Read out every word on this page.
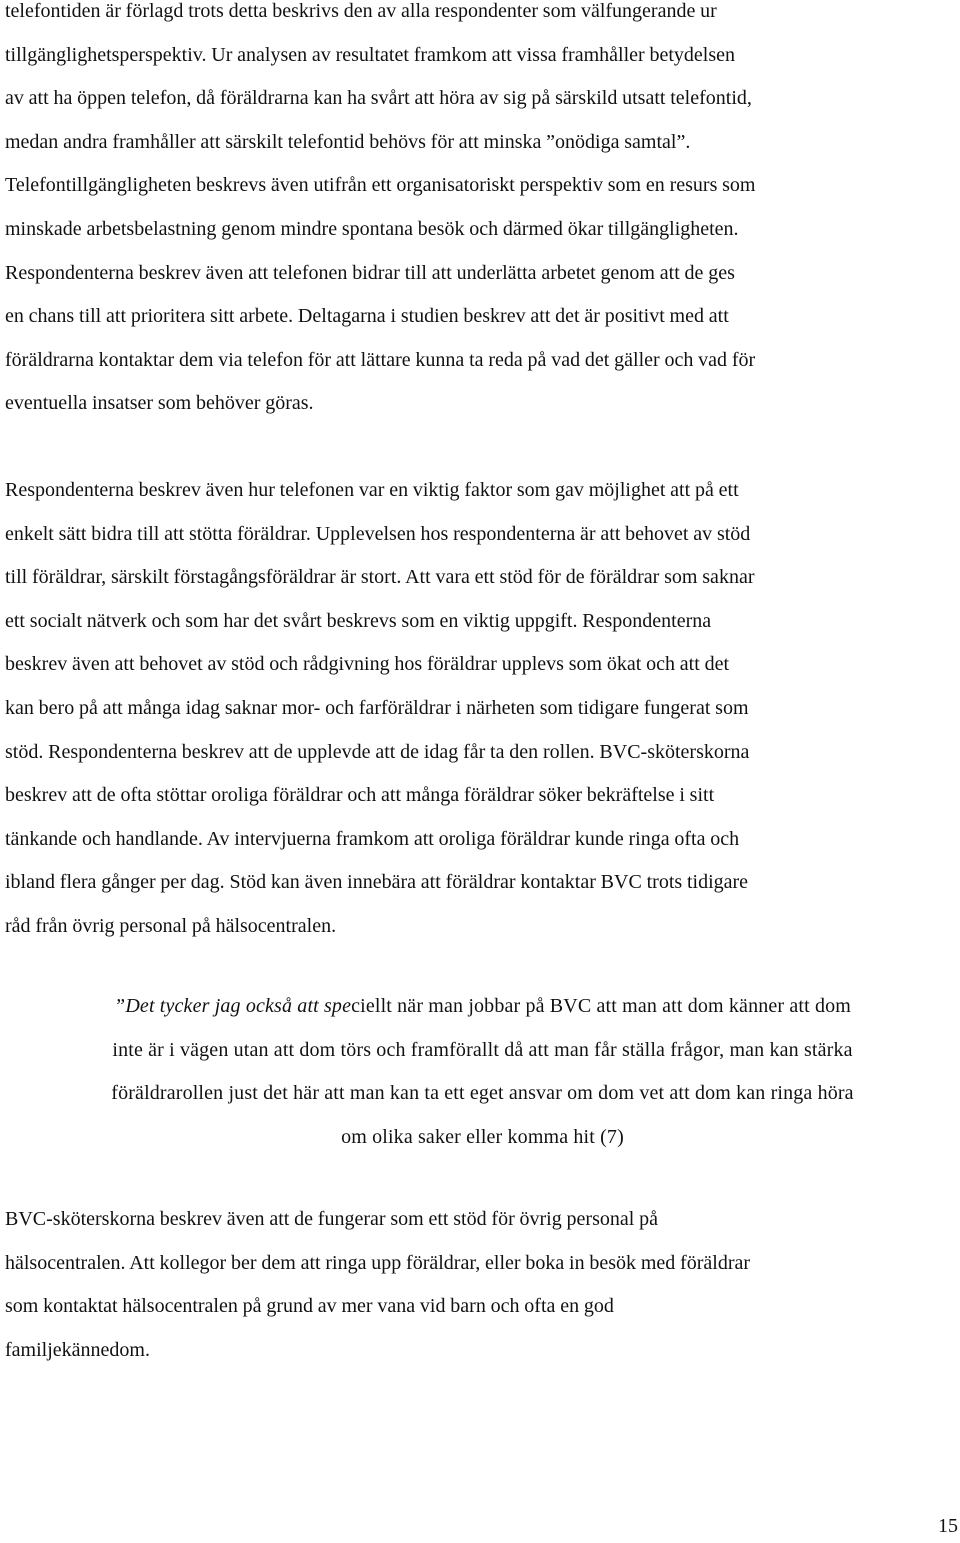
telefontiden är förlagd trots detta beskrivs den av alla respondenter som välfungerande ur
tillgänglighetsperspektiv. Ur analysen av resultatet framkom att vissa framhåller betydelsen
av att ha öppen telefon, då föräldrarna kan ha svårt att höra av sig på särskild utsatt telefontid,
medan andra framhåller att särskilt telefontid behövs för att minska ”onödiga samtal”.
Telefontillgängligheten beskrevs även utifrån ett organisatoriskt perspektiv som en resurs som
minskade arbetsbelastning genom mindre spontana besök och därmed ökar tillgängligheten.
Respondenterna beskrev även att telefonen bidrar till att underlätta arbetet genom att de ges
en chans till att prioritera sitt arbete. Deltagarna i studien beskrev att det är positivt med att
föräldrarna kontaktar dem via telefon för att lättare kunna ta reda på vad det gäller och vad för
eventuella insatser som behöver göras.

Respondenterna beskrev även hur telefonen var en viktig faktor som gav möjlighet att på ett
enkelt sätt bidra till att stötta föräldrar. Upplevelsen hos respondenterna är att behovet av stöd
till föräldrar, särskilt förstagångsföräldrar är stort. Att vara ett stöd för de föräldrar som saknar
ett socialt nätverk och som har det svårt beskrevs som en viktig uppgift. Respondenterna
beskrev även att behovet av stöd och rådgivning hos föräldrar upplevs som ökat och att det
kan bero på att många idag saknar mor- och farföräldrar i närheten som tidigare fungerat som
stöd. Respondenterna beskrev att de upplevde att de idag får ta den rollen. BVC-sköterskorna
beskrev att de ofta stöttar oroliga föräldrar och att många föräldrar söker bekräftelse i sitt
tänkande och handlande. Av intervjuerna framkom att oroliga föräldrar kunde ringa ofta och
ibland flera gånger per dag. Stöd kan även innebära att föräldrar kontaktar BVC trots tidigare
råd från övrig personal på hälsocentralen.

”Det tycker jag också att speciellt när man jobbar på BVC att man att dom känner att dom
inte är i vägen utan att dom törs och framförallt då att man får ställa frågor, man kan stärka
föräldrarollen just det här att man kan ta ett eget ansvar om dom vet att dom kan ringa höra
om olika saker eller komma hit (7)

BVC-sköterskorna beskrev även att de fungerar som ett stöd för övrig personal på
hälsocentralen. Att kollegor ber dem att ringa upp föräldrar, eller boka in besök med föräldrar
som kontaktat hälsocentralen på grund av mer vana vid barn och ofta en god
familjekännedom.

15
